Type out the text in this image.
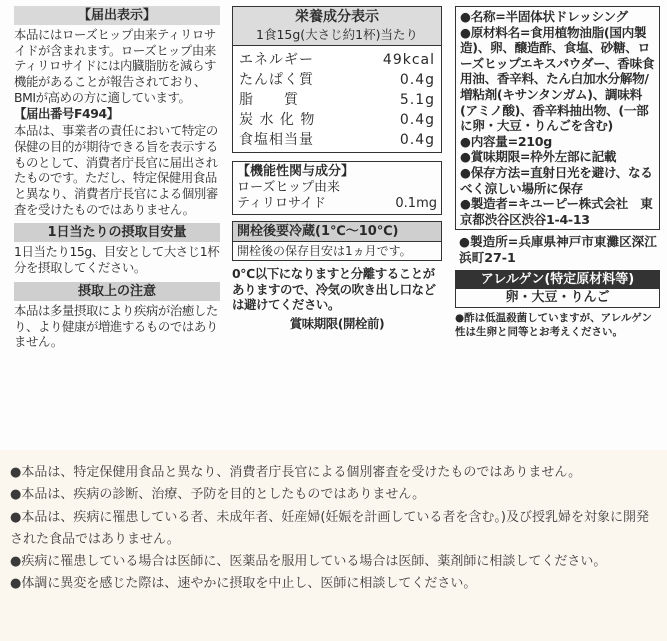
【届出表示】

本品にはローズヒップ由来ティリロサイドが含まれます。ローズヒップ由来ティリロサイドには内臓脂肪を減らす機能があることが報告されており、BMIが高めの方に適しています。

【届出番号F494】

本品は、事業者の責任において特定の保健の目的が期待できる旨を表示するものとして、消費者庁長官に届出されたものです。ただし、特定保健用食品と異なり、消費者庁長官による個別審査を受けたものではありません。

1日当たりの摂取目安量

1日当たり15g、目安として大さじ1杯分を摂取してください。

摂取上の注意

本品は多量摂取により疾病が治癒したり、より健康が増進するものではありません。

栄養成分表示
1食15g(大さじ約1杯)当たり
エネルギー	49kcal
たんぱく質	0.4g
脂　　質	5.1g
炭 水 化 物	0.4g
食塩相当量	0.4g
【機能性関与成分】
ローズヒップ由来
ティリロサイド	0.1mg
開栓後要冷蔵(1℃〜10℃)
開栓後の保存目安は1ヵ月です。

0℃以下になりますと分離することがありますので、冷気の吹き出し口などは避けてください。

賞味期限(開栓前)

●名称=半固体状ドレッシング
●原材料名=食用植物油脂(国内製造)、卵、醸造酢、食塩、砂糖、ローズヒップエキスパウダー、香味食用油、香辛料、たん白加水分解物/増粘剤(キサンタンガム)、調味料(アミノ酸)、香辛料抽出物、(一部に卵・大豆・りんごを含む)
●内容量=210g
●賞味期限=枠外左部に記載
●保存方法=直射日光を避け、なるべく涼しい場所に保存
●製造者=キユーピー株式会社　東京都渋谷区渋谷1-4-13
●製造所=兵庫県神戸市東灘区深江浜町27-1
アレルゲン(特定原材料等)
卵・大豆・りんご
●酢は低温殺菌していますが、アレルゲン性は生卵と同等とお考えください。

●本品は、特定保健用食品と異なり、消費者庁長官による個別審査を受けたものではありません。

●本品は、疾病の診断、治療、予防を目的としたものではありません。

●本品は、疾病に罹患している者、未成年者、妊産婦(妊娠を計画している者を含む。)及び授乳婦を対象に開発された食品ではありません。

●疾病に罹患している場合は医師に、医薬品を服用している場合は医師、薬剤師に相談してください。

●体調に異変を感じた際は、速やかに摂取を中止し、医師に相談してください。
